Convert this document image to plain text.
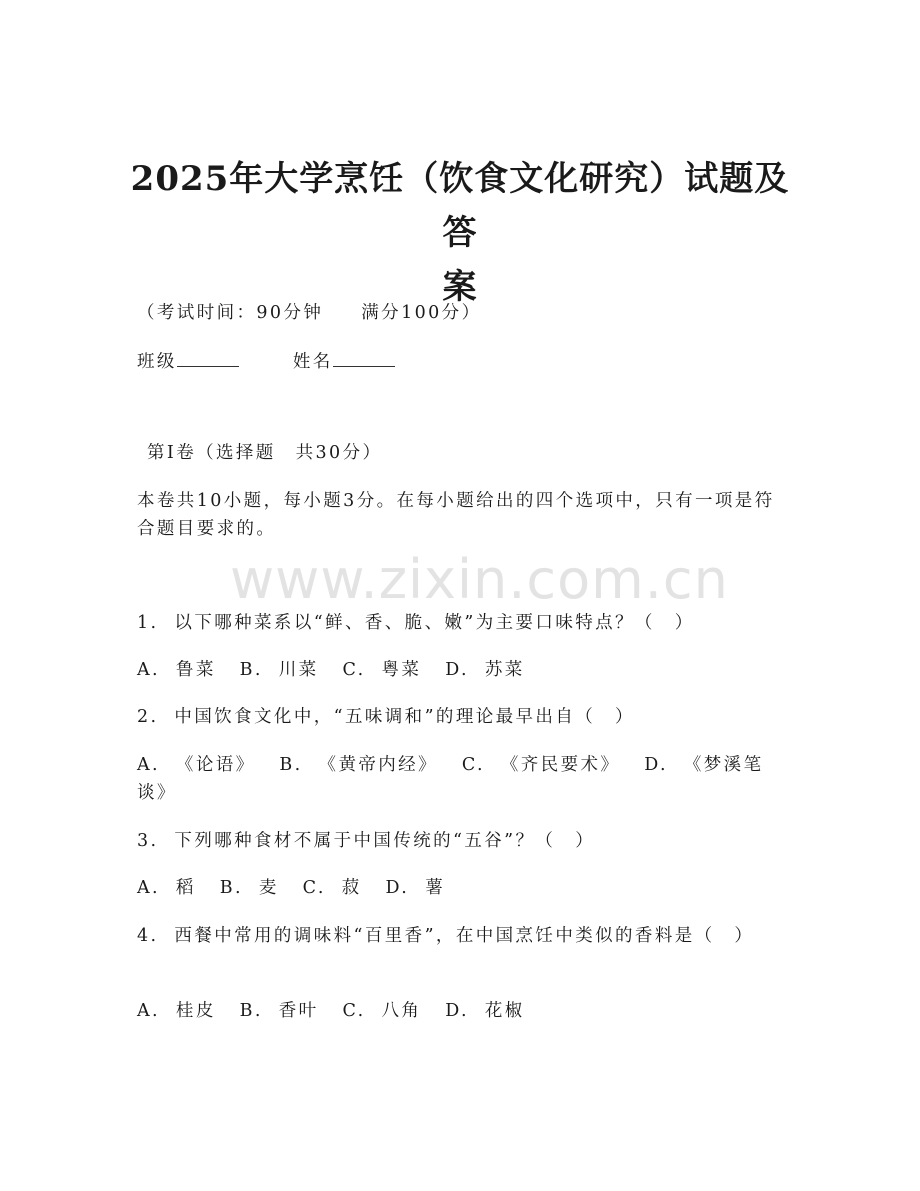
www.zixin.com.cn
2025年大学烹饪（饮食文化研究）试题及答
案
（考试时间：90分钟 满分100分）
班级	姓名
第Ⅰ卷（选择题　共30分）
本卷共10小题，每小题3分。在每小题给出的四个选项中，只有一项是符合题目要求的。
1.  以下哪种菜系以“鲜、香、脆、嫩”为主要口味特点？（　）
A.  鲁菜   B.  川菜   C.  粤菜   D.  苏菜
2.  中国饮食文化中，“五味调和”的理论最早出自（　）
A.  《论语》   B.  《黄帝内经》   C.  《齐民要术》   D.  《梦溪笔谈》
3.  下列哪种食材不属于中国传统的“五谷”？（　）
A.  稻   B.  麦   C.  菽   D.  薯
4.  西餐中常用的调味料“百里香”，在中国烹饪中类似的香料是（　）
A.  桂皮   B.  香叶   C.  八角   D.  花椒
